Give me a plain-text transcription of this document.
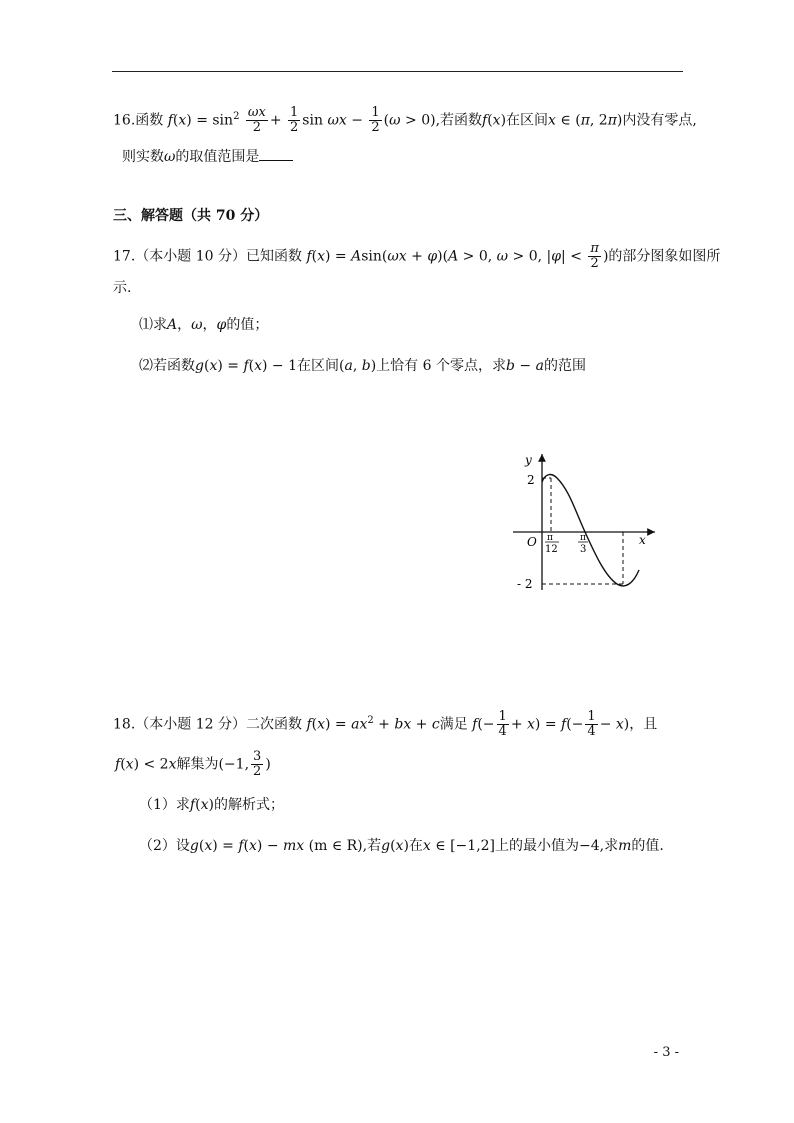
16.函数 $f(x) = \sin^2 \frac{\omega x}{2} + \frac{1}{2}$ $\sin \omega x - \frac{1}{2} (\omega > 0)$,若函数f(x)在区间x ∈ (π, 2π)内没有零点,
则实数ω的取值范围是
三、解答题（共 70 分）
17.（本小题 10 分）已知函数 f(x) = Asin(ωx + φ)(A > 0, ω > 0, $|\varphi| < \frac{\pi}{2}$ )的部分图象如图所
示.
⑴求A，ω，φ的值；
⑵若函数g(x) = f(x) − 1在区间(a, b)上恰有 6 个零点，求b − a的范围
y
x
O
2
- 2
π
12
π
3
18.（本小题 12 分）二次函数 $f(x) = ax^2$ + bx + c满足 $f(- \frac{1}{4} + x) = f(- \frac{1}{4} - x)$，且
f(x) < 2x解集为(−1, $\frac{3}{2}$ )
（1）求f(x)的解析式；
（2）设g(x) = f(x) − mx (m ∈ R),若g(x)在x ∈ [−1,2]上的最小值为−4,求m的值.
- 3 -
